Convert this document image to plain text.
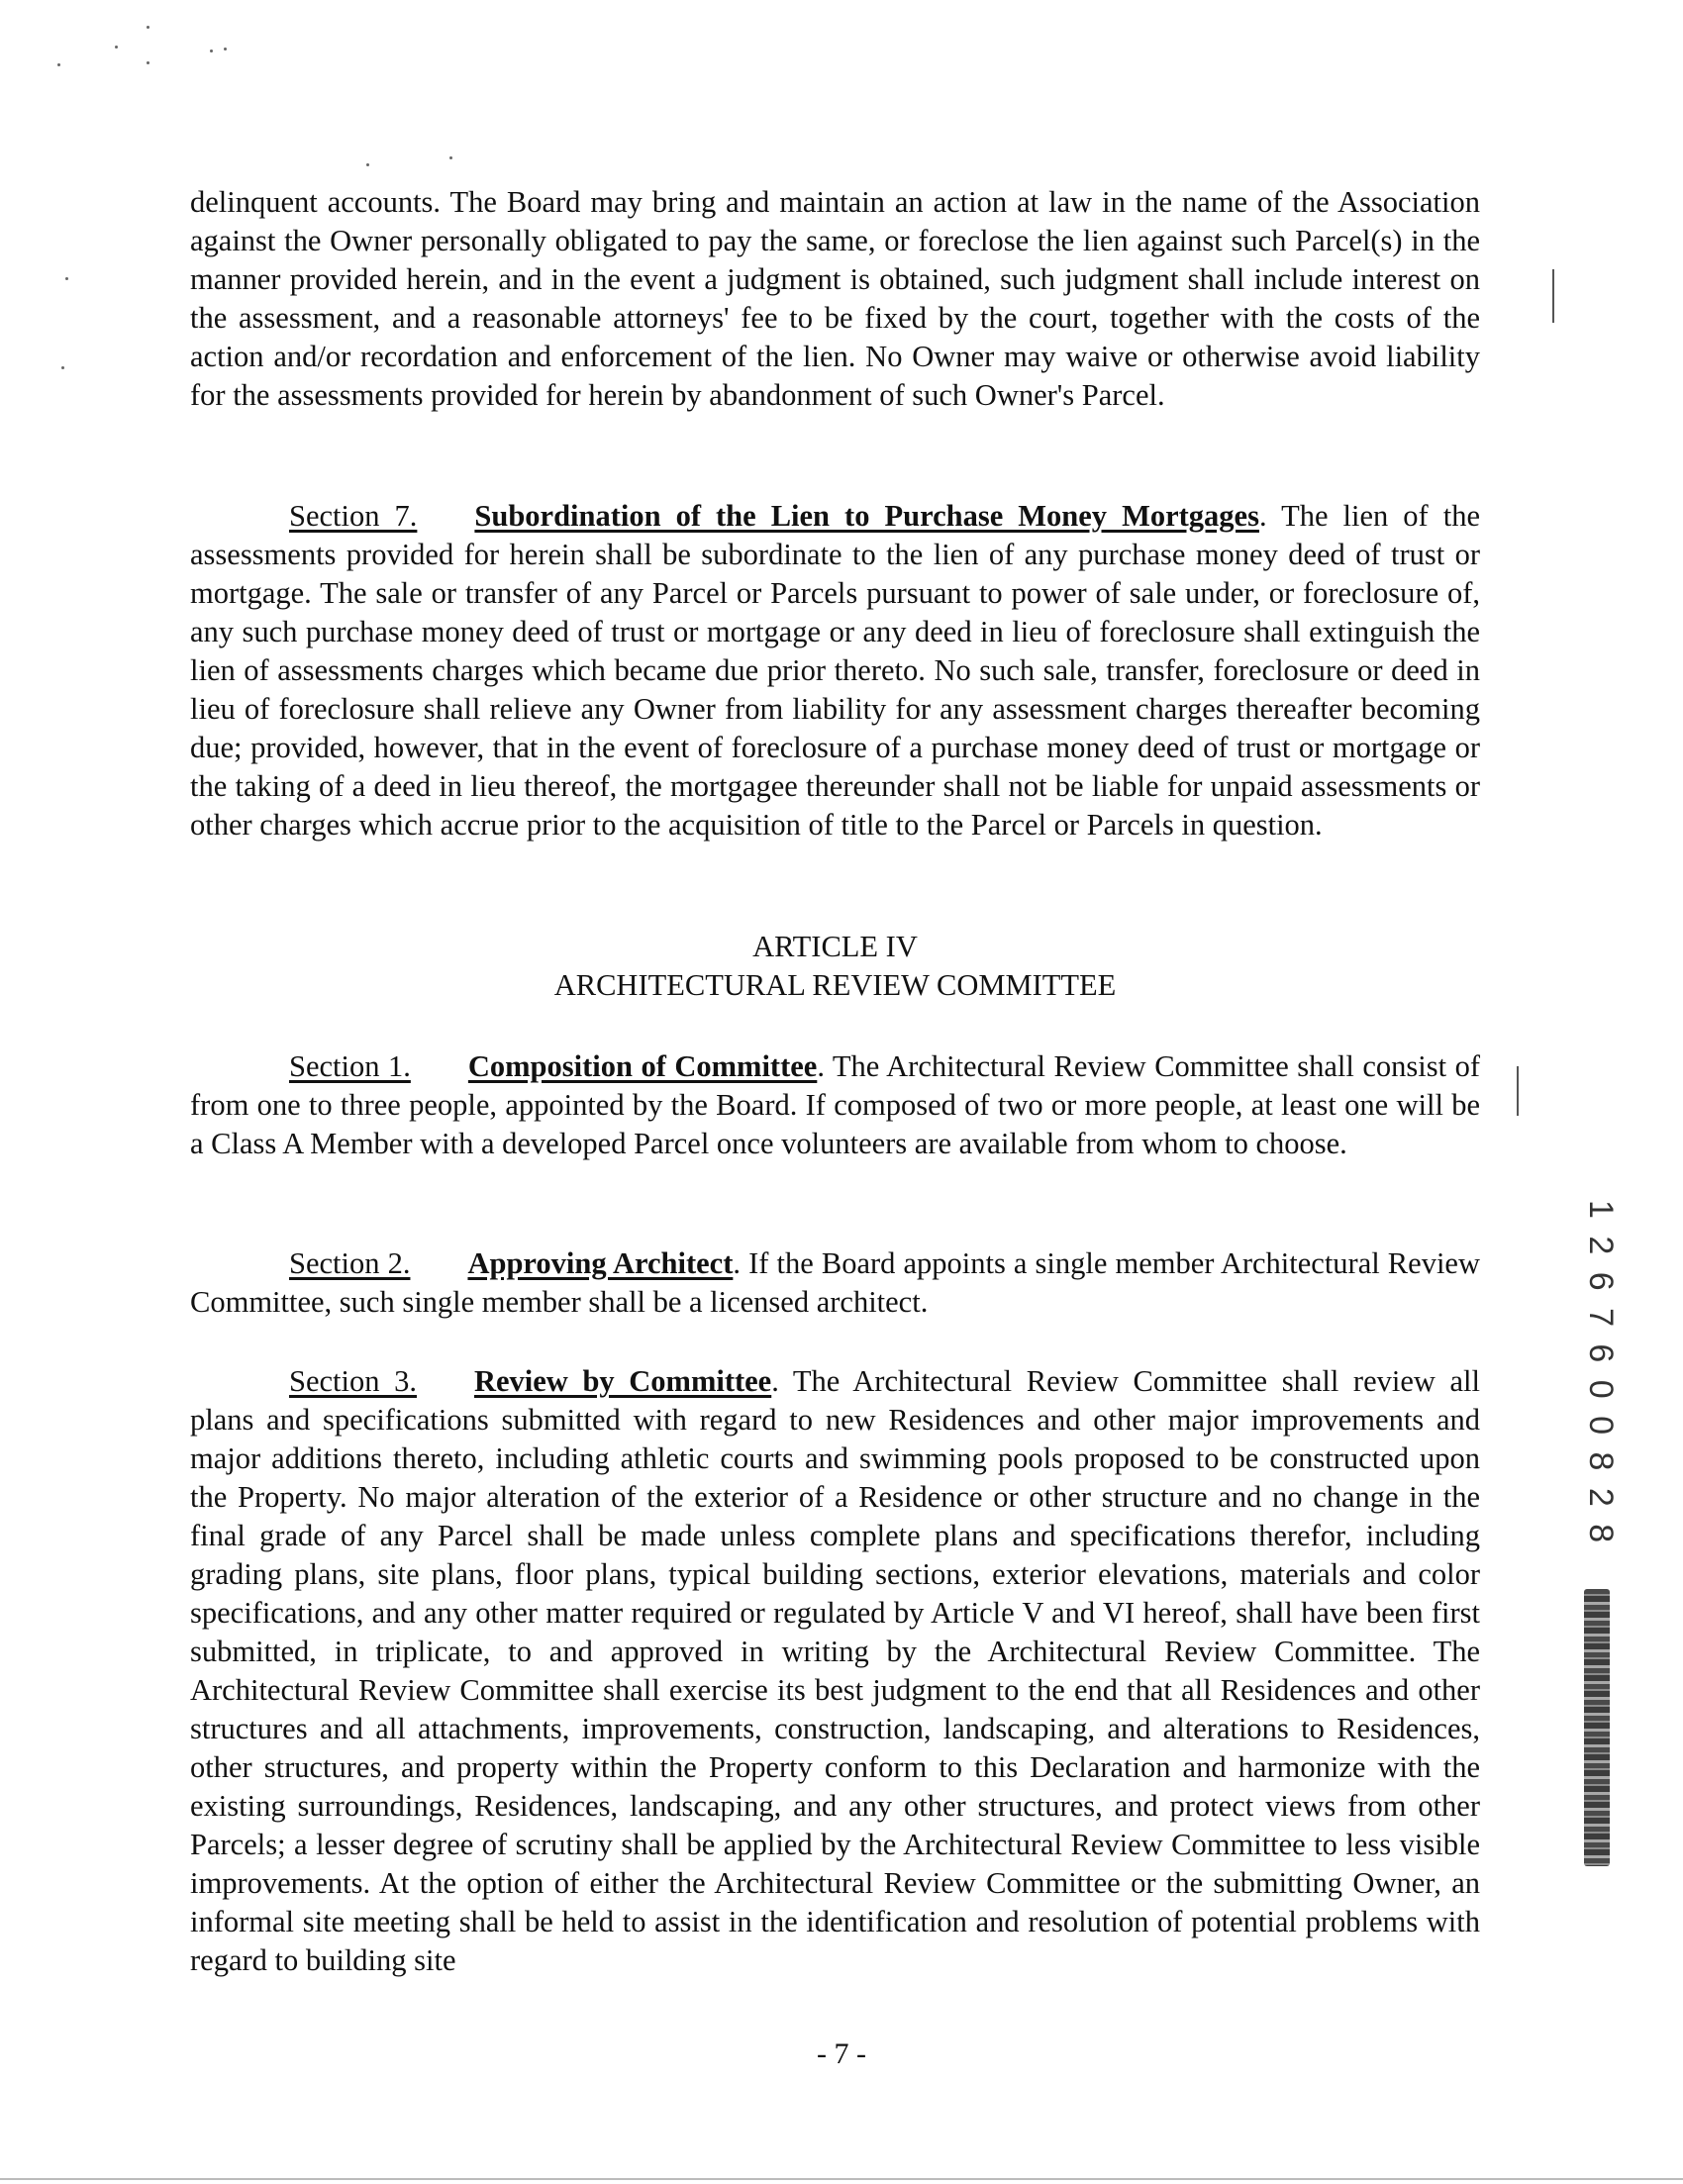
delinquent accounts. The Board may bring and maintain an action at law in the name of the Association against the Owner personally obligated to pay the same, or foreclose the lien against such Parcel(s) in the manner provided herein, and in the event a judgment is obtained, such judgment shall include interest on the assessment, and a reasonable attorneys' fee to be fixed by the court, together with the costs of the action and/or recordation and enforcement of the lien. No Owner may waive or otherwise avoid liability for the assessments provided for herein by abandonment of such Owner's Parcel.

Section 7. Subordination of the Lien to Purchase Money Mortgages. The lien of the assessments provided for herein shall be subordinate to the lien of any purchase money deed of trust or mortgage. The sale or transfer of any Parcel or Parcels pursuant to power of sale under, or foreclosure of, any such purchase money deed of trust or mortgage or any deed in lieu of foreclosure shall extinguish the lien of assessments charges which became due prior thereto. No such sale, transfer, foreclosure or deed in lieu of foreclosure shall relieve any Owner from liability for any assessment charges thereafter becoming due; provided, however, that in the event of foreclosure of a purchase money deed of trust or mortgage or the taking of a deed in lieu thereof, the mortgagee thereunder shall not be liable for unpaid assessments or other charges which accrue prior to the acquisition of title to the Parcel or Parcels in question.

ARTICLE IV
ARCHITECTURAL REVIEW COMMITTEE

Section 1. Composition of Committee. The Architectural Review Committee shall consist of from one to three people, appointed by the Board. If composed of two or more people, at least one will be a Class A Member with a developed Parcel once volunteers are available from whom to choose.

Section 2. Approving Architect. If the Board appoints a single member Architectural Review Committee, such single member shall be a licensed architect.

Section 3. Review by Committee. The Architectural Review Committee shall review all plans and specifications submitted with regard to new Residences and other major improvements and major additions thereto, including athletic courts and swimming pools proposed to be constructed upon the Property. No major alteration of the exterior of a Residence or other structure and no change in the final grade of any Parcel shall be made unless complete plans and specifications therefor, including grading plans, site plans, floor plans, typical building sections, exterior elevations, materials and color specifications, and any other matter required or regulated by Article V and VI hereof, shall have been first submitted, in triplicate, to and approved in writing by the Architectural Review Committee. The Architectural Review Committee shall exercise its best judgment to the end that all Residences and other structures and all attachments, improvements, construction, landscaping, and alterations to Residences, other structures, and property within the Property conform to this Declaration and harmonize with the existing surroundings, Residences, landscaping, and any other structures, and protect views from other Parcels; a lesser degree of scrutiny shall be applied by the Architectural Review Committee to less visible improvements. At the option of either the Architectural Review Committee or the submitting Owner, an informal site meeting shall be held to assist in the identification and resolution of potential problems with regard to building site

- 7 -
1 2 6 7 6 0 0 8 2 8
